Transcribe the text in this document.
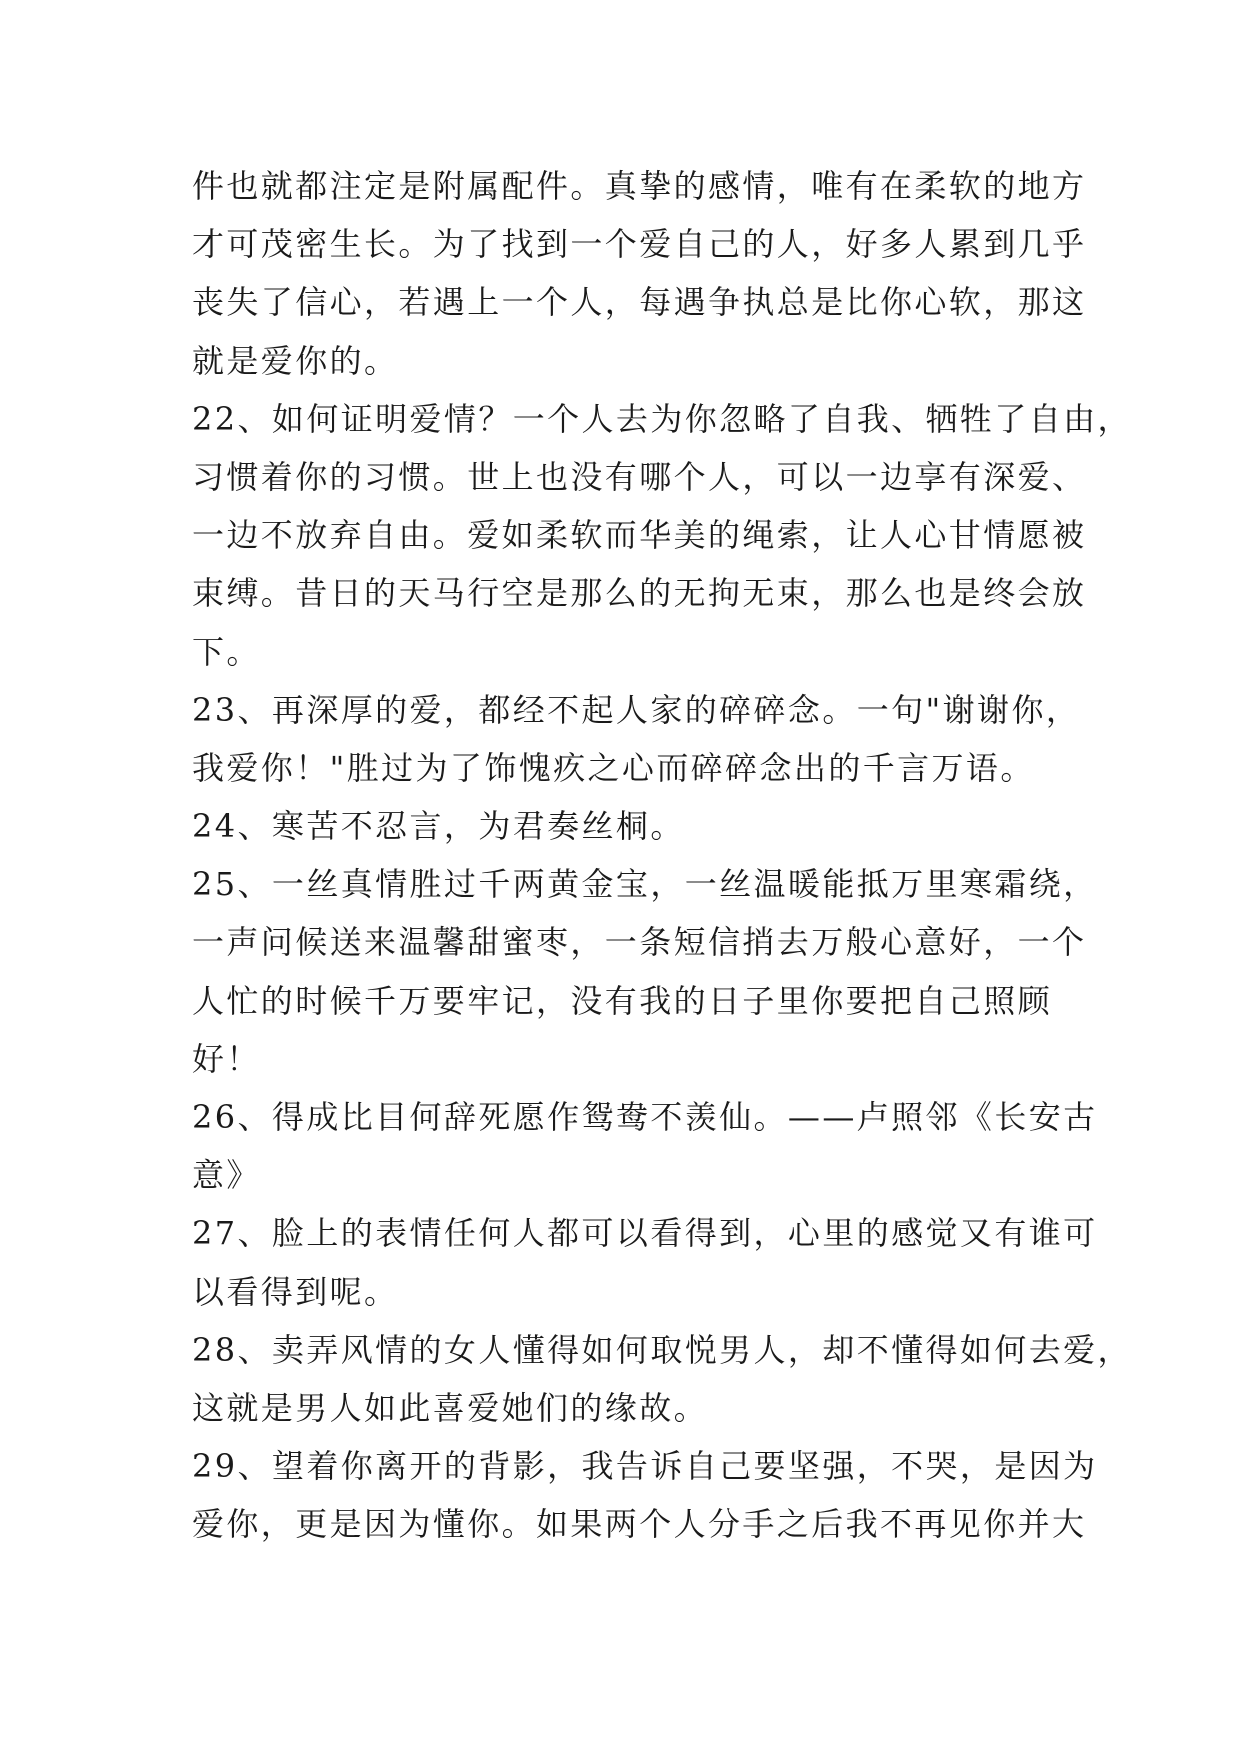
件也就都注定是附属配件。真挚的感情，唯有在柔软的地方
才可茂密生长。为了找到一个爱自己的人，好多人累到几乎
丧失了信心，若遇上一个人，每遇争执总是比你心软，那这
就是爱你的。
22、如何证明爱情？一个人去为你忽略了自我、牺牲了自由，
习惯着你的习惯。世上也没有哪个人，可以一边享有深爱、
一边不放弃自由。爱如柔软而华美的绳索，让人心甘情愿被
束缚。昔日的天马行空是那么的无拘无束，那么也是终会放
下。
23、再深厚的爱，都经不起人家的碎碎念。一句"谢谢你，
我爱你！"胜过为了饰愧疚之心而碎碎念出的千言万语。
24、寒苦不忍言，为君奏丝桐。
25、一丝真情胜过千两黄金宝，一丝温暖能抵万里寒霜绕，
一声问候送来温馨甜蜜枣，一条短信捎去万般心意好，一个
人忙的时候千万要牢记，没有我的日子里你要把自己照顾
好！
26、得成比目何辞死愿作鸳鸯不羡仙。——卢照邻《长安古
意》
27、脸上的表情任何人都可以看得到，心里的感觉又有谁可
以看得到呢。
28、卖弄风情的女人懂得如何取悦男人，却不懂得如何去爱，
这就是男人如此喜爱她们的缘故。
29、望着你离开的背影，我告诉自己要坚强，不哭，是因为
爱你，更是因为懂你。如果两个人分手之后我不再见你并大
